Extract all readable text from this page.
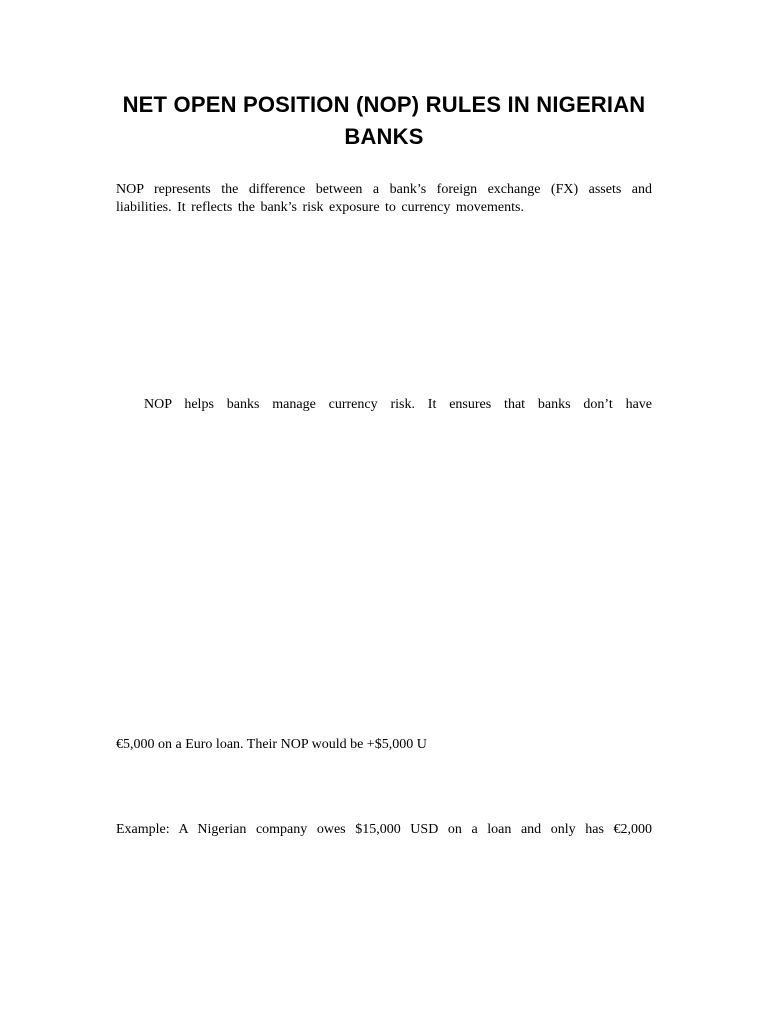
NET OPEN POSITION (NOP) RULES IN NIGERIAN BANKS
NOP represents the difference between a bank’s foreign exchange (FX) assets and
liabilities. It reflects the bank’s risk exposure to currency movements.
NOP helps banks manage currency risk. It ensures that banks don’t have
€5,000 on a Euro loan. Their NOP would be +$5,000 U
Example: A Nigerian company owes $15,000 USD on a loan and only has €2,000
